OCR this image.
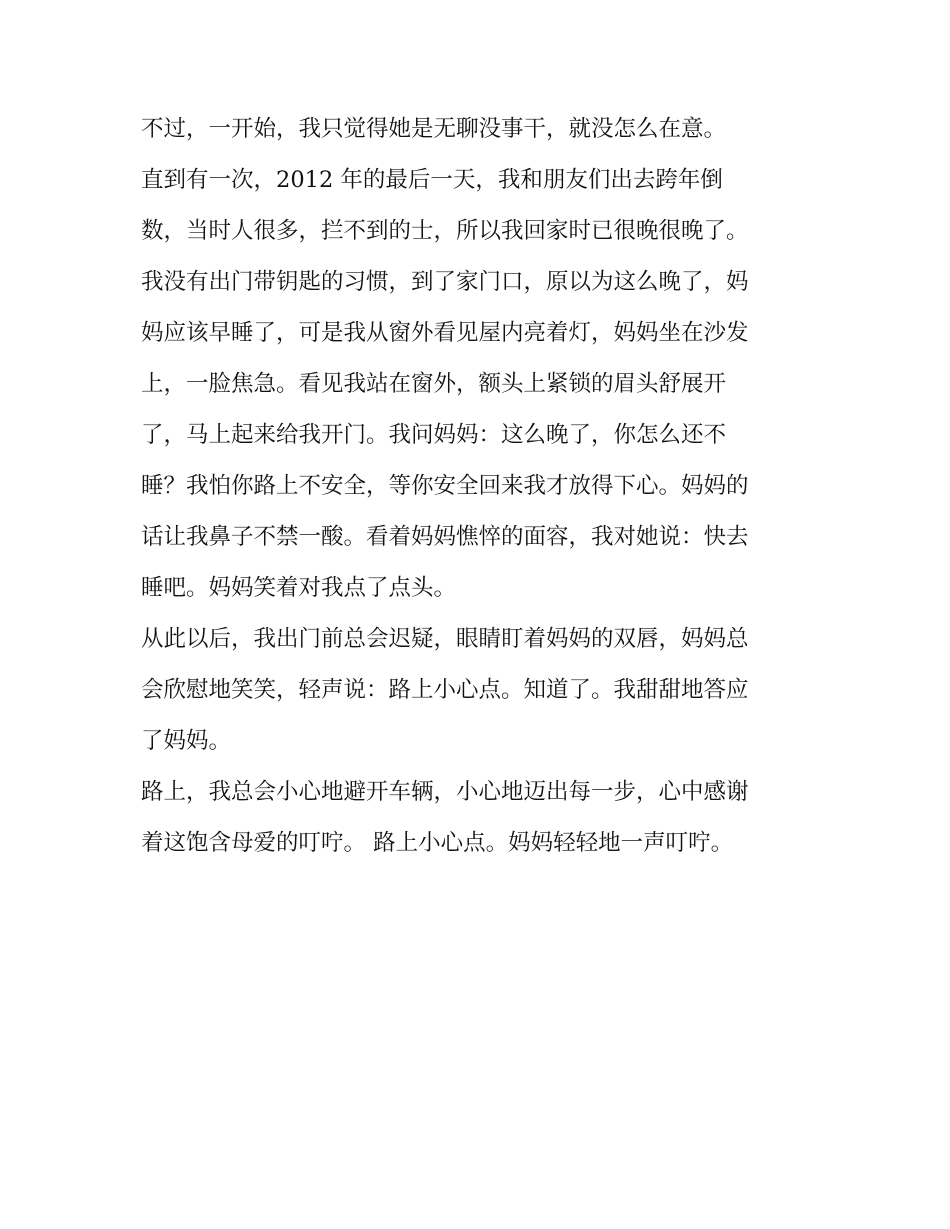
不过，一开始，我只觉得她是无聊没事干，就没怎么在意。
直到有一次，2012 年的最后一天，我和朋友们出去跨年倒
数，当时人很多，拦不到的士，所以我回家时已很晚很晚了。
我没有出门带钥匙的习惯，到了家门口，原以为这么晚了，妈
妈应该早睡了，可是我从窗外看见屋内亮着灯，妈妈坐在沙发
上，一脸焦急。看见我站在窗外，额头上紧锁的眉头舒展开
了，马上起来给我开门。我问妈妈：这么晚了，你怎么还不
睡？我怕你路上不安全，等你安全回来我才放得下心。妈妈的
话让我鼻子不禁一酸。看着妈妈憔悴的面容，我对她说：快去
睡吧。妈妈笑着对我点了点头。
从此以后，我出门前总会迟疑，眼睛盯着妈妈的双唇，妈妈总
会欣慰地笑笑，轻声说：路上小心点。知道了。我甜甜地答应
了妈妈。
路上，我总会小心地避开车辆，小心地迈出每一步，心中感谢
着这饱含母爱的叮咛。 路上小心点。妈妈轻轻地一声叮咛。
